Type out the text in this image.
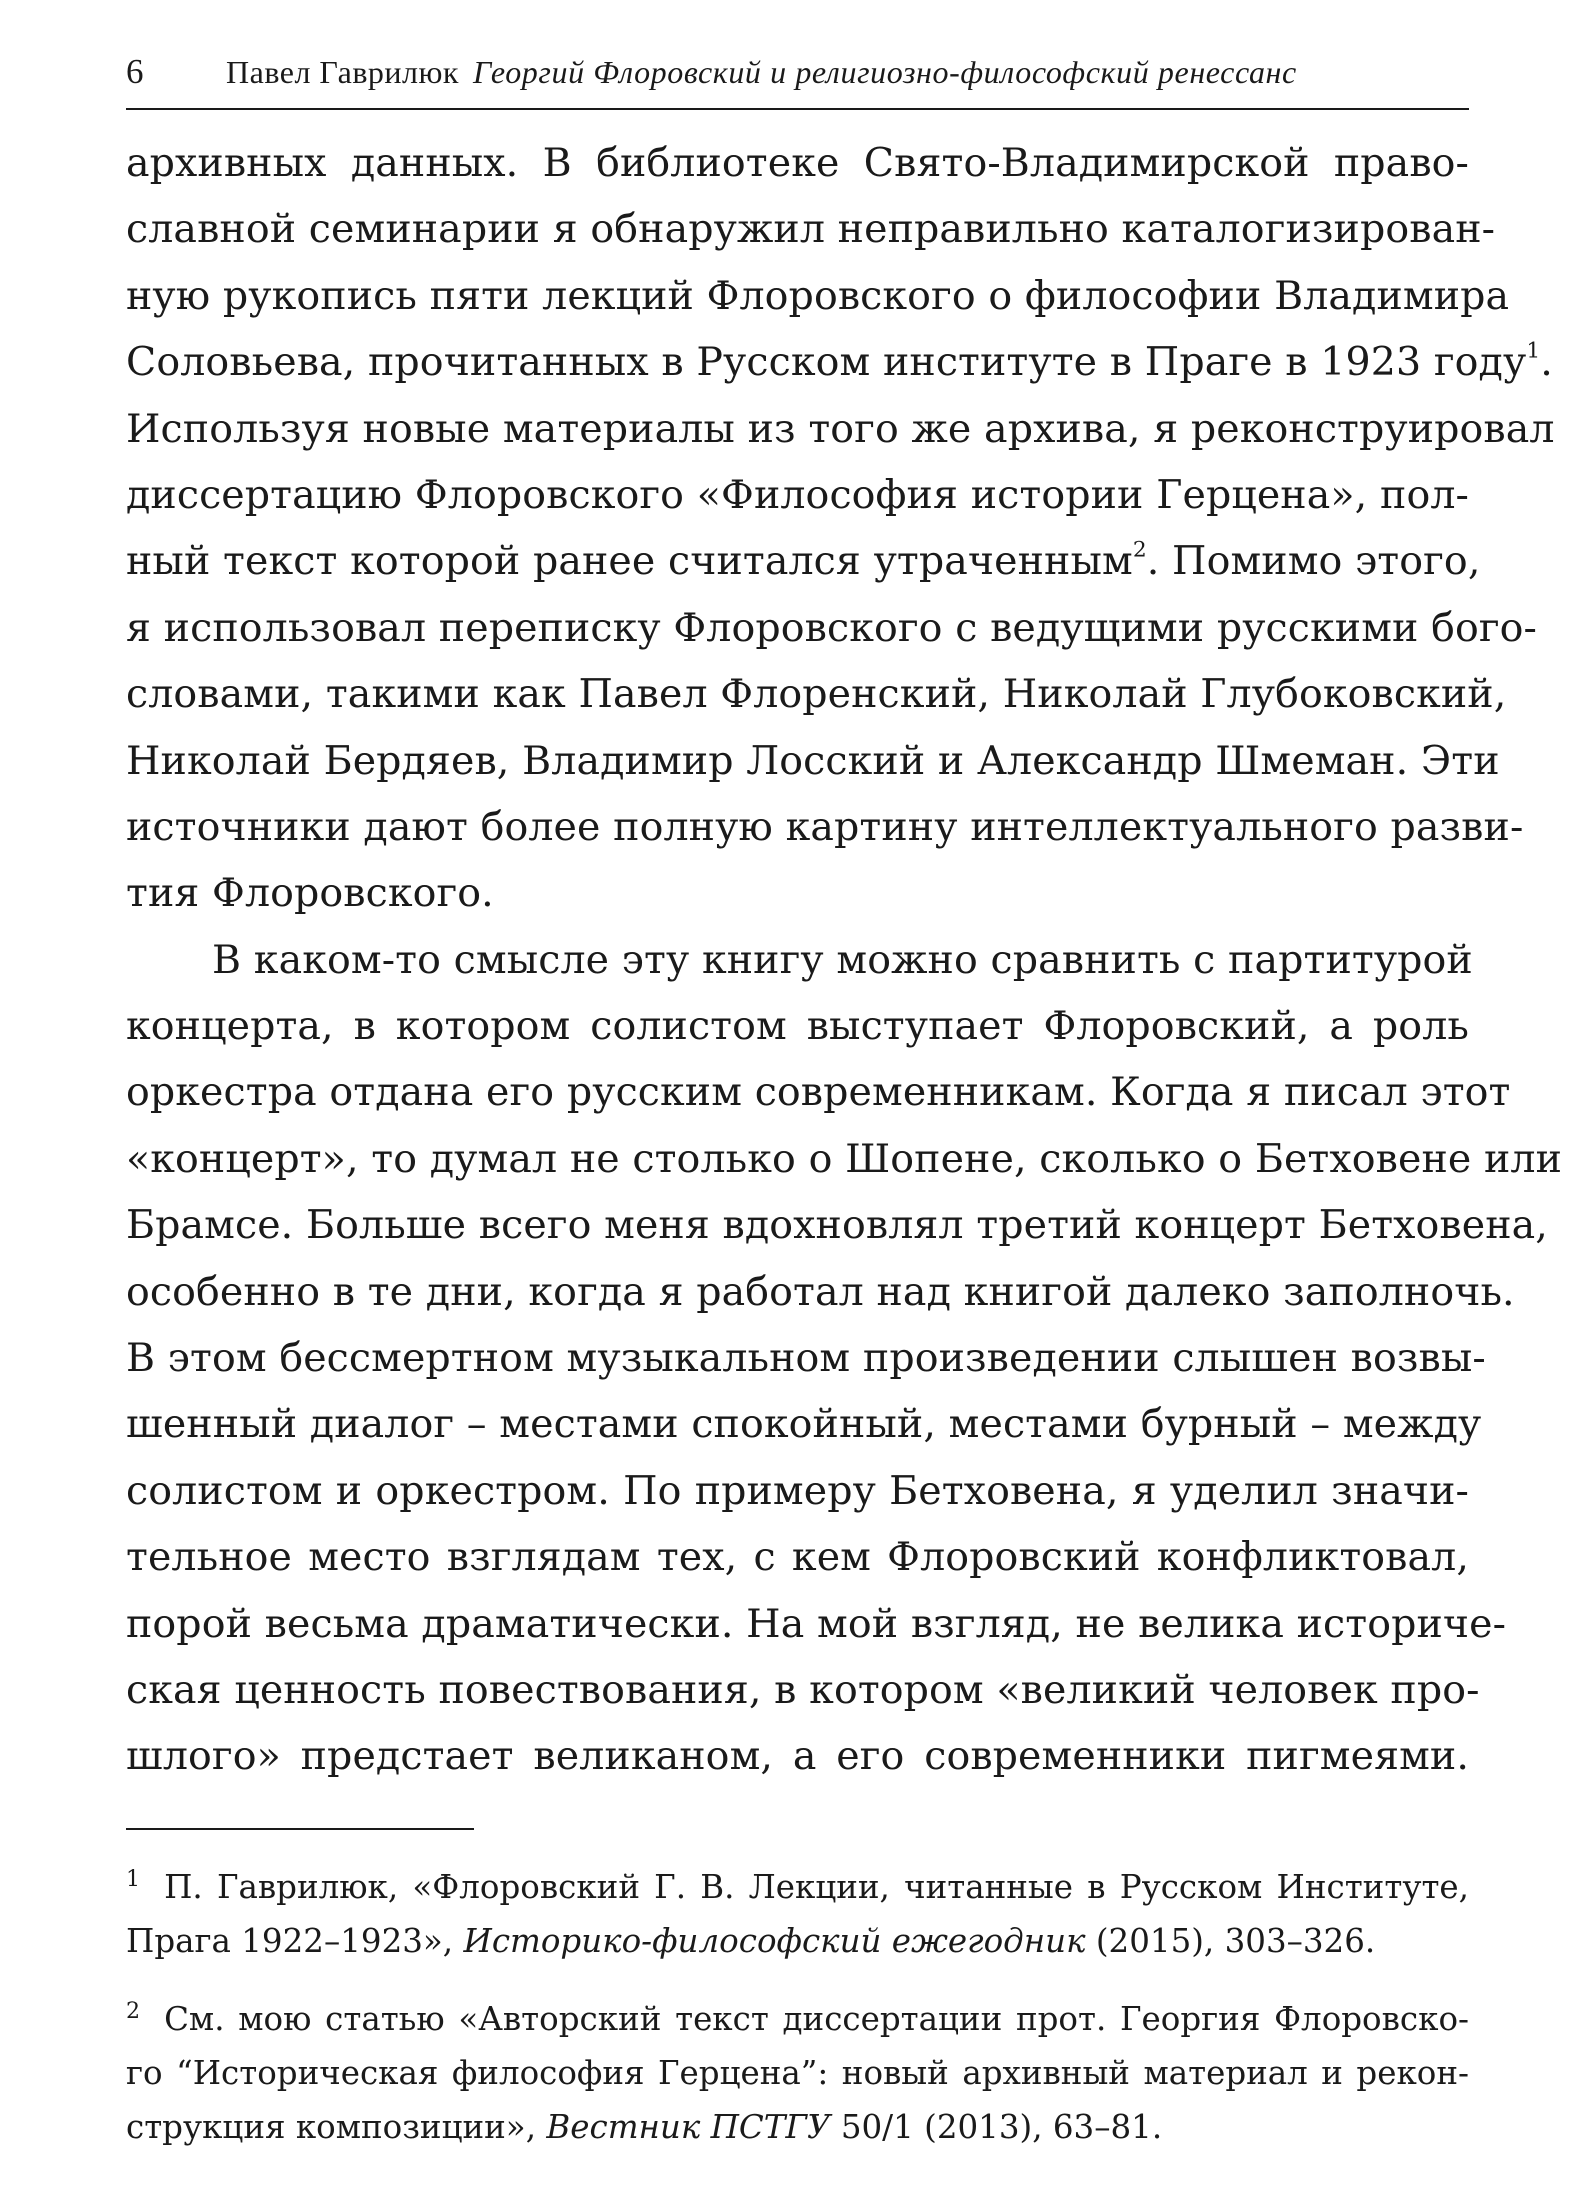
6	Павел Гаврилюк Георгий Флоровский и религиозно-философский ренессанс
архивных данных. В библиотеке Свято-Владимирской право-
славной семинарии я обнаружил неправильно каталогизирован-
ную рукопись пяти лекций Флоровского о философии Владимира
Соловьева, прочитанных в Русском институте в Праге в 1923 году$^1$.
Используя новые материалы из того же архива, я реконструировал
диссертацию Флоровского «Философия истории Герцена», пол-
ный текст которой ранее считался утраченным$^2$. Помимо этого,
я использовал переписку Флоровского с ведущими русскими бого-
словами, такими как Павел Флоренский, Николай Глубоковский,
Николай Бердяев, Владимир Лосский и Александр Шмеман. Эти
источники дают более полную картину интеллектуального разви-
тия Флоровского.
В каком-то смысле эту книгу можно сравнить с партитурой
концерта, в котором солистом выступает Флоровский, а роль
оркестра отдана его русским современникам. Когда я писал этот
«концерт», то думал не столько о Шопене, сколько о Бетховене или
Брамсе. Больше всего меня вдохновлял третий концерт Бетховена,
особенно в те дни, когда я работал над книгой далеко заполночь.
В этом бессмертном музыкальном произведении слышен возвы-
шенный диалог – местами спокойный, местами бурный – между
солистом и оркестром. По примеру Бетховена, я уделил значи-
тельное место взглядам тех, с кем Флоровский конфликтовал,
порой весьма драматически. На мой взгляд, не велика историче-
ская ценность повествования, в котором «великий человек про-
шлого» предстает великаном, а его современники пигмеями.
$^1$ П. Гаврилюк, «Флоровский Г. В. Лекции, читанные в Русском Институте,
Прага 1922–1923», Историко-философский ежегодник (2015), 303–326.
$^2$ См. мою статью «Авторский текст диссертации прот. Георгия Флоровско-
го “Историческая философия Герцена”: новый архивный материал и рекон-
струкция композиции», Вестник ПСТГУ 50/1 (2013), 63–81.
